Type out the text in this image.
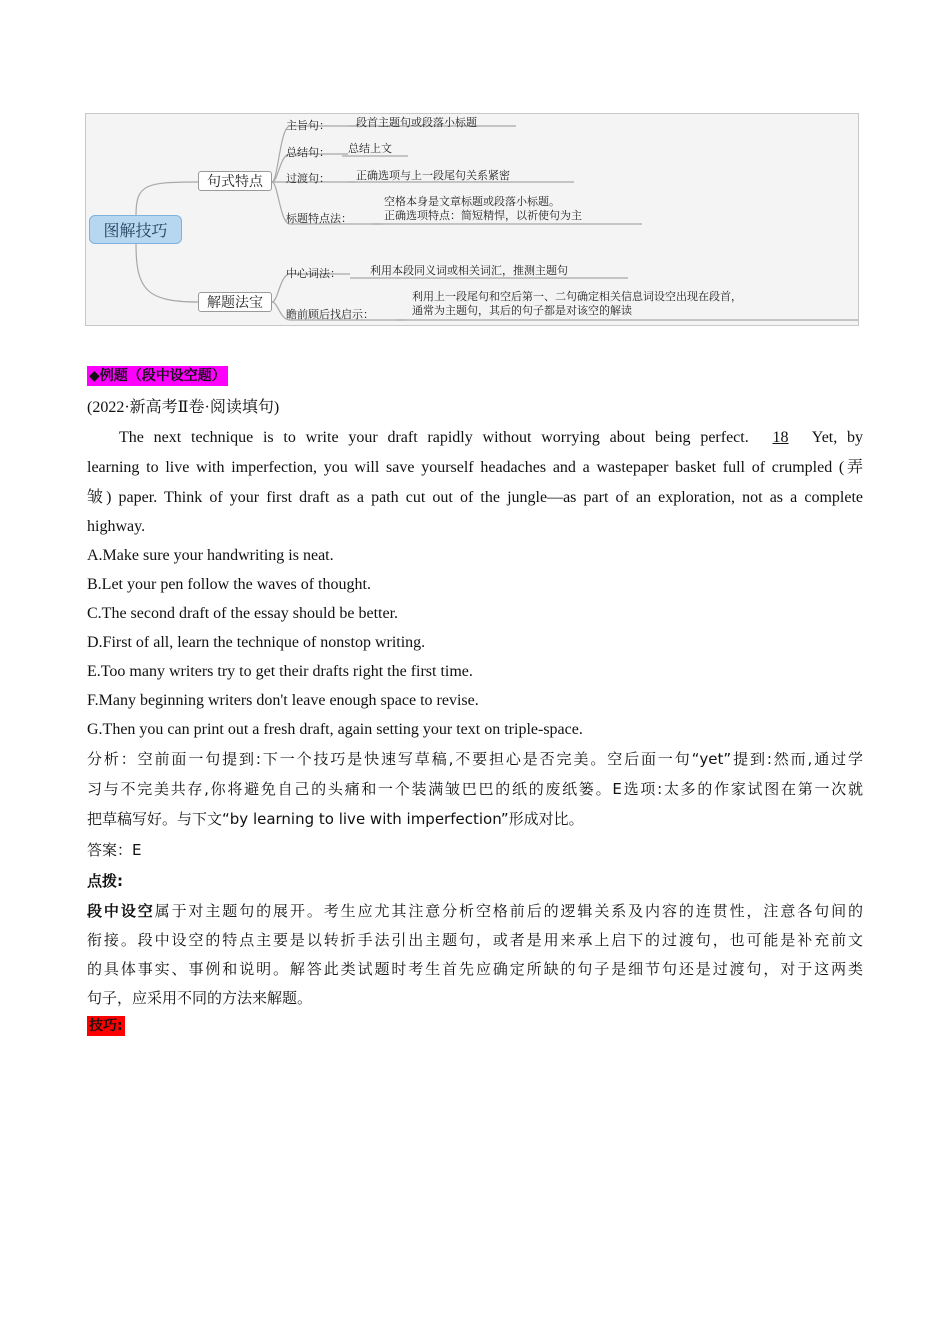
图解技巧
句式特点
解题法宝
主旨句： 段首主题句或段落小标题
总结句： 总结上文
过渡句： 正确选项与上一段尾句关系紧密
标题特点法：
空格本身是文章标题或段落小标题。
正确选项特点：简短精悍，以祈使句为主
中心词法：	利用本段同义词或相关词汇，推测主题句
瞻前顾后找启示：
利用上一段尾句和空后第一、二句确定相关信息词设空出现在段首，
通常为主题句，其后的句子都是对该空的解读
◆例题（段中设空题）
(2022·新高考Ⅱ卷·阅读填句)
The next technique is to write your draft rapidly without worrying about being perfect. 18 Yet, by
learning to live with imperfection, you will save yourself headaches and a wastepaper basket full of crumpled (弄
皱) paper. Think of your first draft as a path cut out of the jungle—as part of an exploration, not as a complete
highway.
A.Make sure your handwriting is neat.
B.Let your pen follow the waves of thought.
C.The second draft of the essay should be better.
D.First of all, learn the technique of nonstop writing.
E.Too many writers try to get their drafts right the first time.
F.Many beginning writers don't leave enough space to revise.
G.Then you can print out a fresh draft, again setting your text on triple-space.
分析：空前面一句提到:下一个技巧是快速写草稿,不要担心是否完美。空后面一句“yet”提到:然而,通过学
习与不完美共存,你将避免自己的头痛和一个装满皱巴巴的纸的废纸篓。E选项:太多的作家试图在第一次就
把草稿写好。与下文“by learning to live with imperfection”形成对比。
答案：E
点拨:
段中设空属于对主题句的展开。考生应尤其注意分析空格前后的逻辑关系及内容的连贯性，注意各句间的
衔接。段中设空的特点主要是以转折手法引出主题句，或者是用来承上启下的过渡句，也可能是补充前文
的具体事实、事例和说明。解答此类试题时考生首先应确定所缺的句子是细节句还是过渡句，对于这两类
句子，应采用不同的方法来解题。
技巧:
